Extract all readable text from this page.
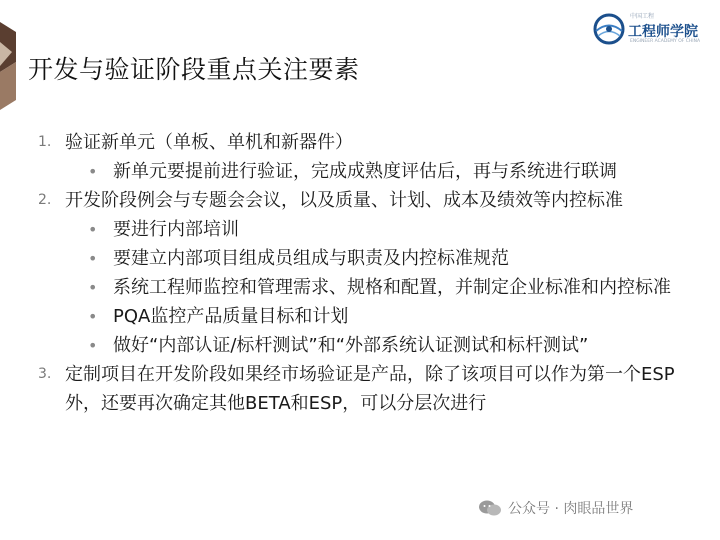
开发与验证阶段重点关注要素
中国工程
工程师学院
ENGINEER ACADEMY OF CHINA
1. 验证新单元（单板、单机和新器件）
• 新单元要提前进行验证，完成成熟度评估后，再与系统进行联调
2. 开发阶段例会与专题会会议，以及质量、计划、成本及绩效等内控标准
• 要进行内部培训
• 要建立内部项目组成员组成与职责及内控标准规范
• 系统工程师监控和管理需求、规格和配置，并制定企业标准和内控标准
• PQA监控产品质量目标和计划
• 做好“内部认证/标杆测试”和“外部系统认证测试和标杆测试”
3. 定制项目在开发阶段如果经市场验证是产品，除了该项目可以作为第一个ESP外，还要再次确定其他BETA和ESP，可以分层次进行
公众号 · 肉眼品世界
